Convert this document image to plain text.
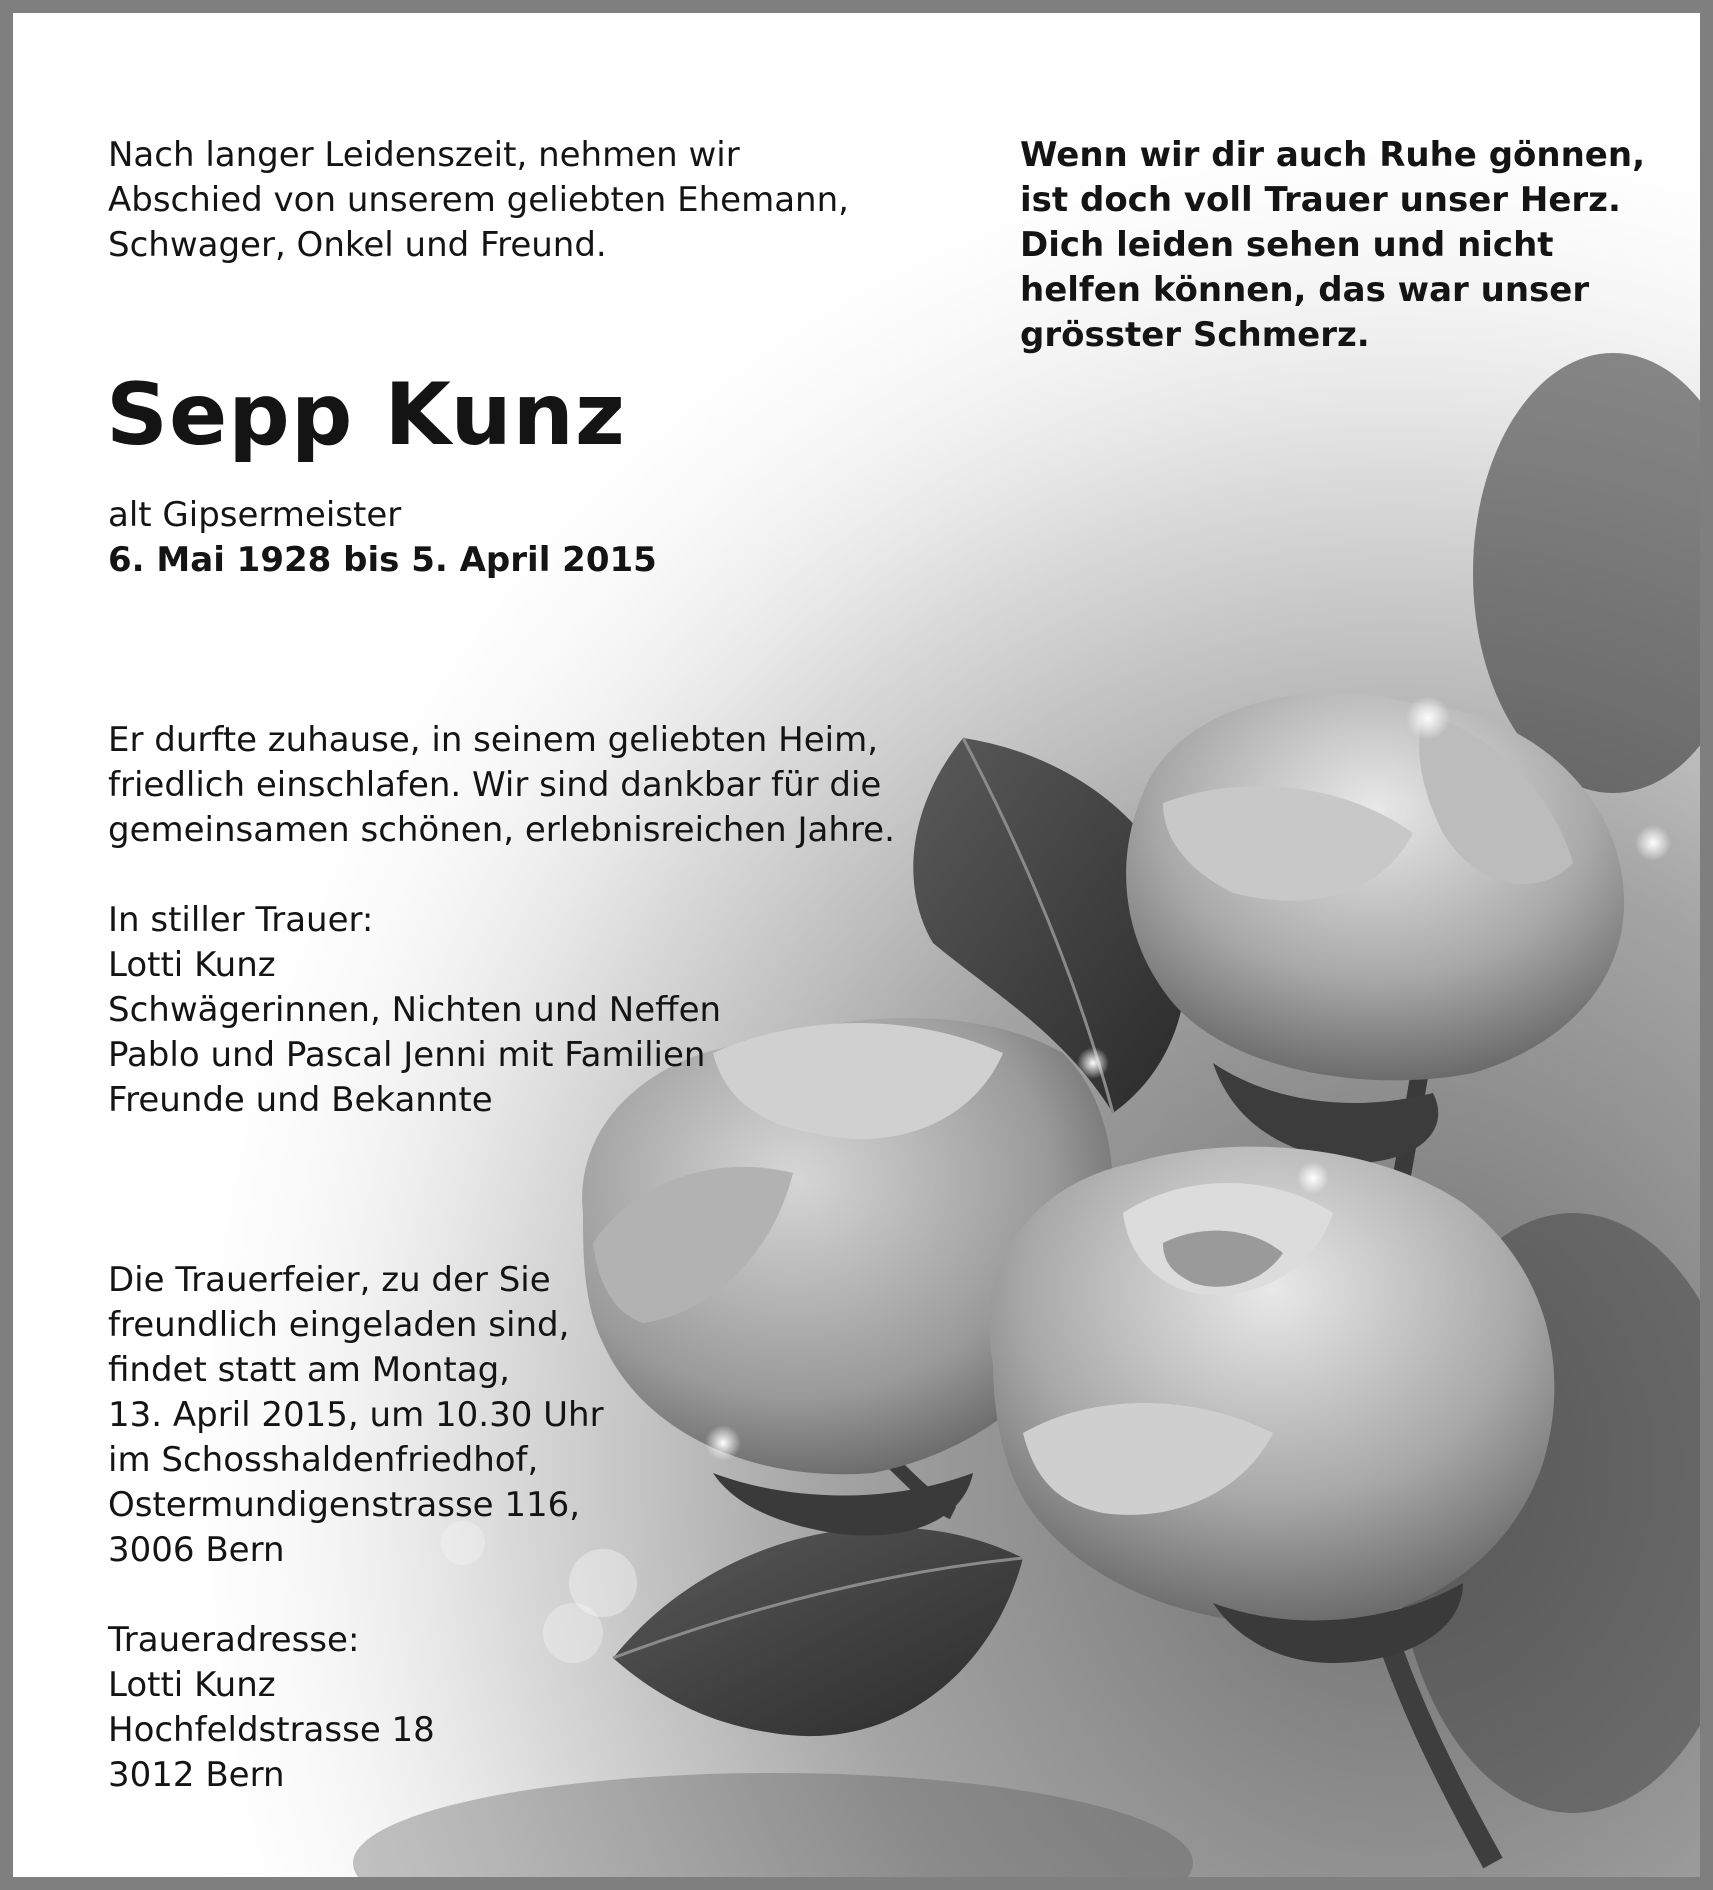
Nach langer Leidenszeit, nehmen wir
Abschied von unserem geliebten Ehemann,
Schwager, Onkel und Freund.
Wenn wir dir auch Ruhe gönnen,
ist doch voll Trauer unser Herz.
Dich leiden sehen und nicht
helfen können, das war unser
grösster Schmerz.
Sepp Kunz
alt Gipsermeister
6. Mai 1928 bis 5. April 2015
Er durfte zuhause, in seinem geliebten Heim,
friedlich einschlafen. Wir sind dankbar für die
gemeinsamen schönen, erlebnisreichen Jahre.
In stiller Trauer:
Lotti Kunz
Schwägerinnen, Nichten und Neffen
Pablo und Pascal Jenni mit Familien
Freunde und Bekannte
Die Trauerfeier, zu der Sie
freundlich eingeladen sind,
findet statt am Montag,
13. April 2015, um 10.30 Uhr
im Schosshaldenfriedhof,
Ostermundigenstrasse 116,
3006 Bern
Traueradresse:
Lotti Kunz
Hochfeldstrasse 18
3012 Bern
